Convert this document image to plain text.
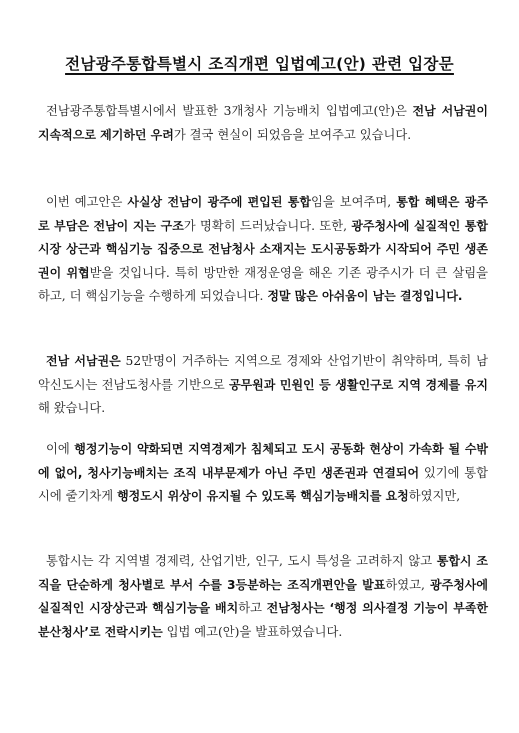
전남광주통합특별시 조직개편 입법예고(안) 관련 입장문

전남광주통합특별시에서 발표한 3개청사 기능배치 입법예고(안)은 전남 서남권이 지속적으로 제기하던 우려가 결국 현실이 되었음을 보여주고 있습니다.

이번 예고안은 사실상 전남이 광주에 편입된 통합임을 보여주며, 통합 혜택은 광주로 부담은 전남이 지는 구조가 명확히 드러났습니다. 또한, 광주청사에 실질적인 통합시장 상근과 핵심기능 집중으로 전남청사 소재지는 도시공동화가 시작되어 주민 생존권이 위협받을 것입니다. 특히 방만한 재정운영을 해온 기존 광주시가 더 큰 살림을 하고, 더 핵심기능을 수행하게 되었습니다. 정말 많은 아쉬움이 남는 결정입니다.

전남 서남권은 52만명이 거주하는 지역으로 경제와 산업기반이 취약하며, 특히 남악신도시는 전남도청사를 기반으로 공무원과 민원인 등 생활인구로 지역 경제를 유지해 왔습니다.

이에 행정기능이 약화되면 지역경제가 침체되고 도시 공동화 현상이 가속화 될 수밖에 없어, 청사기능배치는 조직 내부문제가 아닌 주민 생존권과 연결되어 있기에 통합시에 줄기차게 행정도시 위상이 유지될 수 있도록 핵심기능배치를 요청하였지만,

통합시는 각 지역별 경제력, 산업기반, 인구, 도시 특성을 고려하지 않고 통합시 조직을 단순하게 청사별로 부서 수를 3등분하는 조직개편안을 발표하였고, 광주청사에 실질적인 시장상근과 핵심기능을 배치하고 전남청사는 ‘행정 의사결정 기능이 부족한 분산청사’로 전락시키는 입법 예고(안)을 발표하였습니다.
